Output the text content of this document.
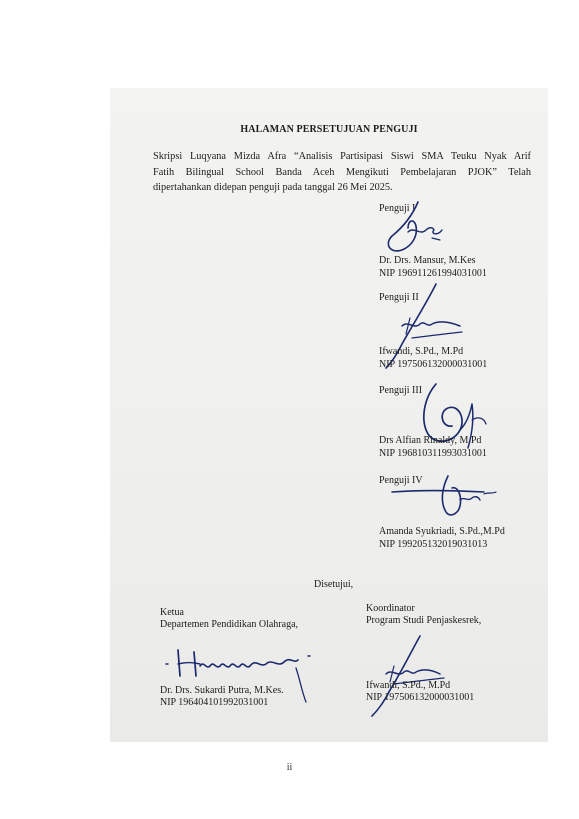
HALAMAN PERSETUJUAN PENGUJI
Skripsi Luqyana Mizda Afra “Analisis Partisipasi Siswi SMA Teuku Nyak Arif
Fatih Bilingual School Banda Aceh Mengikuti Pembelajaran PJOK” Telah
dipertahankan didepan penguji pada tanggal 26 Mei 2025.
Penguji I
Dr. Drs. Mansur, M.Kes
NIP 196911261994031001
Penguji II
Ifwandi, S.Pd., M.Pd
NIP 197506132000031001
Penguji III
Drs Alfian Rinaldy, M.Pd
NIP 196810311993031001
Penguji IV
Amanda Syukriadi, S.Pd.,M.Pd
NIP 199205132019031013
Disetujui,
Ketua
Departemen Pendidikan Olahraga,
Dr. Drs. Sukardi Putra, M.Kes.
NIP 196404101992031001
Koordinator
Program Studi Penjaskesrek,
Ifwandi, S.Pd., M.Pd
NIP 197506132000031001
ii
